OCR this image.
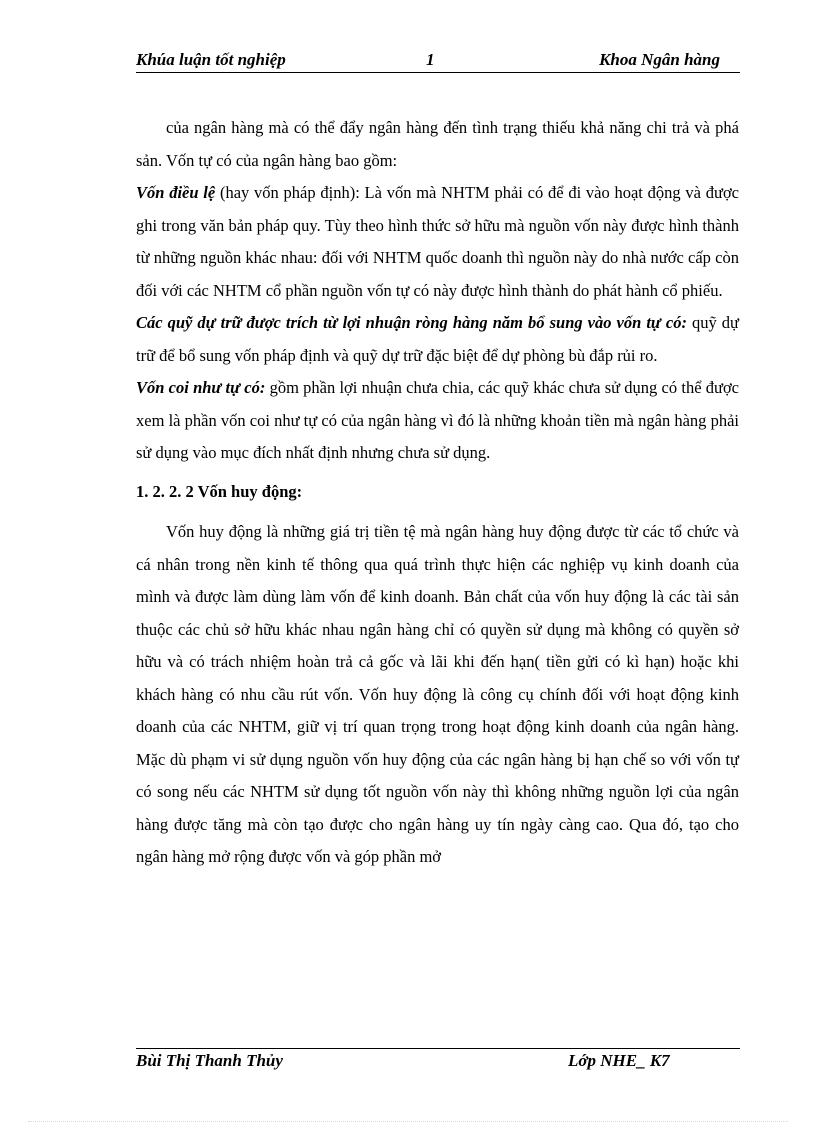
Khúa luận tốt nghiệp	1	Khoa Ngân hàng

của ngân hàng mà có thể đẩy ngân hàng đến tình trạng thiếu khả năng chi trả và phá sản. Vốn tự có của ngân hàng bao gồm:

Vốn điều lệ (hay vốn pháp định): Là vốn mà NHTM phải có để đi vào hoạt động và được ghi trong văn bản pháp quy. Tùy theo hình thức sở hữu mà nguồn vốn này được hình thành từ những nguồn khác nhau: đối với NHTM quốc doanh thì nguồn này do nhà nước cấp còn đối với các NHTM cổ phần nguồn vốn tự có này được hình thành do phát hành cổ phiếu.

Các quỹ dự trữ được trích từ lợi nhuận ròng hàng năm bổ sung vào vốn tự có: quỹ dự trữ để bổ sung vốn pháp định và quỹ dự trữ đặc biệt để dự phòng bù đắp rủi ro.

Vốn coi như tự có: gồm phần lợi nhuận chưa chia, các quỹ khác chưa sử dụng có thể được xem là phần vốn coi như tự có của ngân hàng vì đó là những khoản tiền mà ngân hàng phải sử dụng vào mục đích nhất định nhưng chưa sử dụng.

1. 2. 2. 2 Vốn huy động:

Vốn huy động là những giá trị tiền tệ mà ngân hàng huy động được từ các tổ chức và cá nhân trong nền kinh tế thông qua quá trình thực hiện các nghiệp vụ kinh doanh của mình và được làm dùng làm vốn để kinh doanh. Bản chất của vốn huy động là các tài sản thuộc các chủ sở hữu khác nhau ngân hàng chỉ có quyền sử dụng mà không có quyền sở hữu và có trách nhiệm hoàn trả cả gốc và lãi khi đến hạn( tiền gửi có kì hạn) hoặc khi khách hàng có nhu cầu rút vốn. Vốn huy động là công cụ chính đối với hoạt động kinh doanh của các NHTM, giữ vị trí quan trọng trong hoạt động kinh doanh của ngân hàng. Mặc dù phạm vi sử dụng nguồn vốn huy động của các ngân hàng bị hạn chế so với vốn tự có song nếu các NHTM sử dụng tốt nguồn vốn này thì không những nguồn lợi của ngân hàng được tăng mà còn tạo được cho ngân hàng uy tín ngày càng cao. Qua đó, tạo cho ngân hàng mở rộng được vốn và góp phần mở

Bùi Thị Thanh Thủy	Lớp NHE_ K7
